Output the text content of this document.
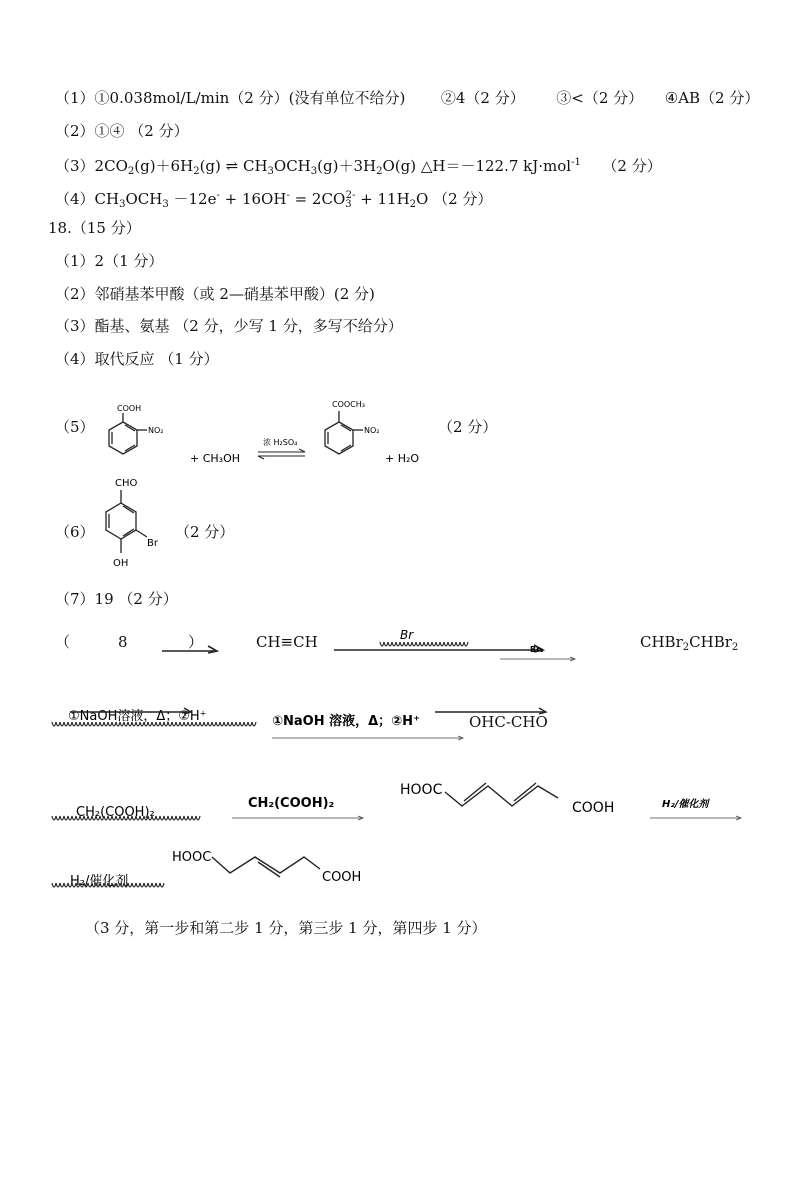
（1）①0.038mol/L/min（2 分）(没有单位不给分) ②4（2 分） ③<（2 分） ④AB（2 分）
（2）①④ （2 分）
$(3)2CO_2(g)+6H_2(g)$ ⇌ $CH_3OCH_3(g)+3H_2O(g)$ △H＝－122.7 kJ·mol$^{-1}$ （2 分）
$(4)CH_3OCH_3 -12e^- + 16OH^- = 2CO_3^{2-} + 11H_2O$ （2 分）
18.（15 分）
（1）2（1 分）
（2）邻硝基苯甲酸（或 2—硝基苯甲酸）(2 分)
（3）酯基、氨基 （2 分，少写 1 分，多写不给分）
（4）取代反应 （1 分）
（5）
COOH
NO₂
+ CH₃OH
浓 H₂SO₄
COOCH₃
NO₂
+ H₂O
（2 分）
（6）
CHO
Br
OH
（2 分）
（7）19 （2 分）
（	8	）	CH≡CH	Br
Br₂	CHBr$_2$CHBr$_2$
①NaOH溶液，Δ；②H⁺	①NaOH 溶液，Δ；②H⁺	OHC-CHO
CH₂(COOH)₂
CH₂(COOH)₂
HOOC
COOH	H₂/催化剂
H₂/催化剂
HOOC
COOH
（3 分，第一步和第二步 1 分，第三步 1 分，第四步 1 分）
